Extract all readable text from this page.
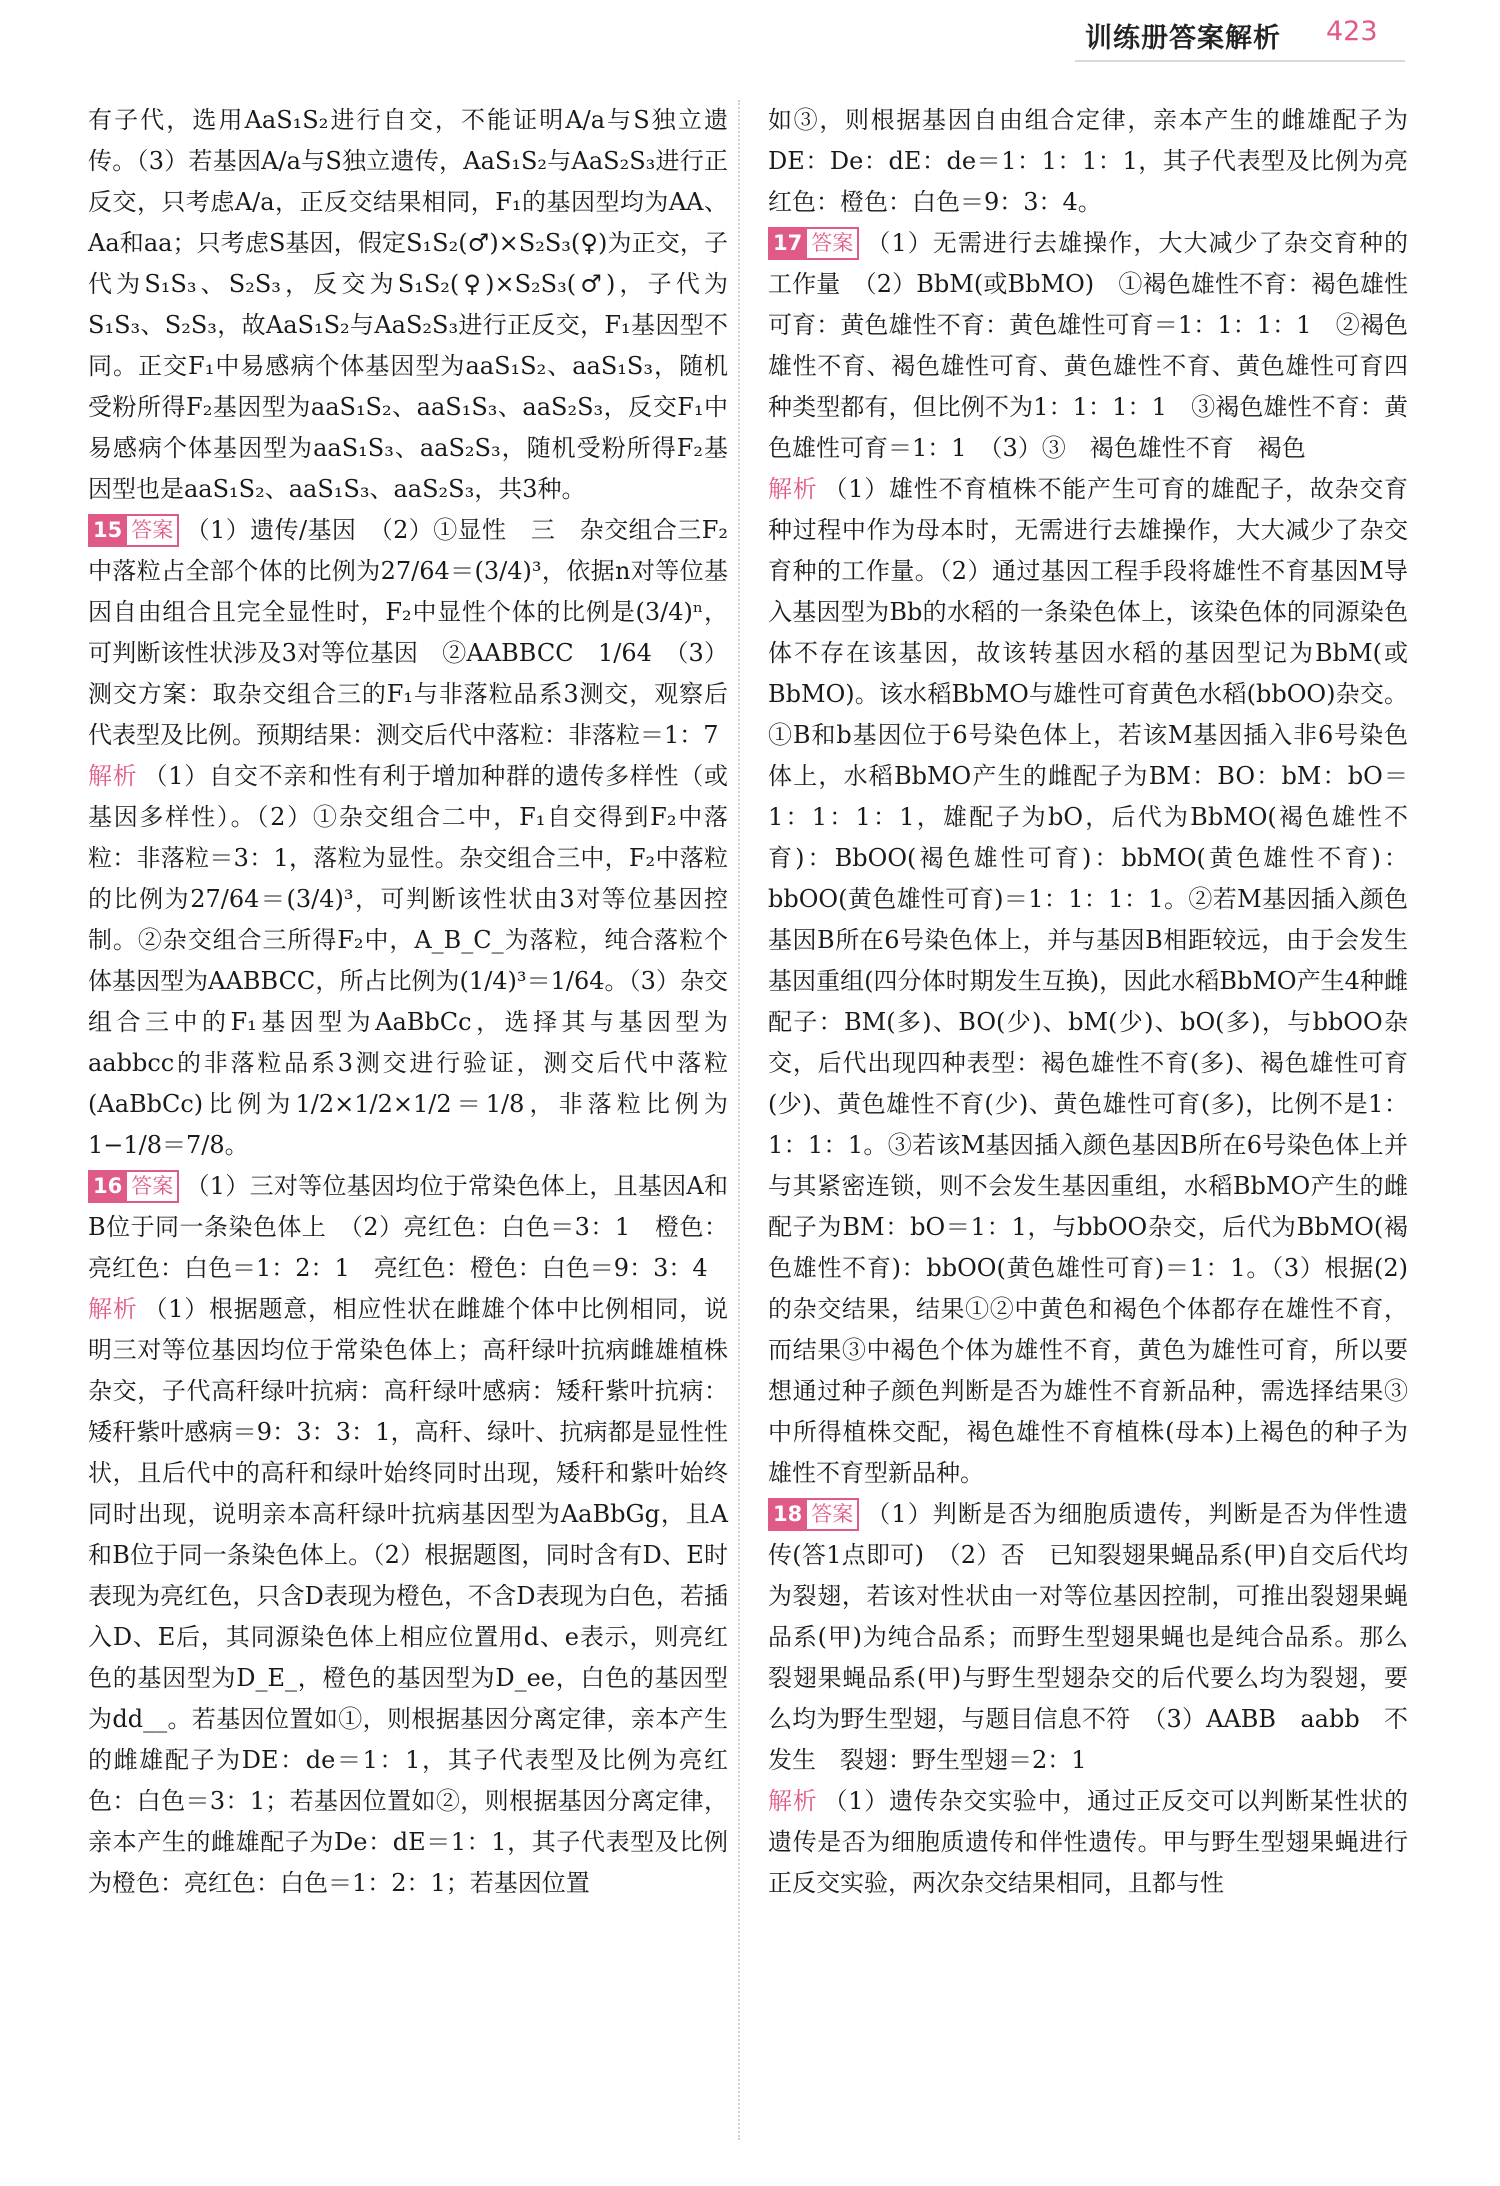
训练册答案解析 423

有子代，选用AaS₁S₂进行自交，不能证明A/a与S独立遗传。（3）若基因A/a与S独立遗传，AaS₁S₂与AaS₂S₃进行正反交，只考虑A/a，正反交结果相同，F₁的基因型均为AA、Aa和aa；只考虑S基因，假定S₁S₂(♂)×S₂S₃(♀)为正交，子代为S₁S₃、S₂S₃，反交为S₁S₂(♀)×S₂S₃(♂)，子代为S₁S₃、S₂S₃，故AaS₁S₂与AaS₂S₃进行正反交，F₁基因型不同。正交F₁中易感病个体基因型为aaS₁S₂、aaS₁S₃，随机受粉所得F₂基因型为aaS₁S₂、aaS₁S₃、aaS₂S₃，反交F₁中易感病个体基因型为aaS₁S₃、aaS₂S₃，随机受粉所得F₂基因型也是aaS₁S₂、aaS₁S₃、aaS₂S₃，共3种。

15 答案 （1）遗传/基因　（2）①显性　三　杂交组合三F₂中落粒占全部个体的比例为27/64＝(3/4)³，依据n对等位基因自由组合且完全显性时，F₂中显性个体的比例是(3/4)ⁿ，可判断该性状涉及3对等位基因　②AABBCC　1/64　（3）测交方案：取杂交组合三的F₁与非落粒品系3测交，观察后代表型及比例。预期结果：测交后代中落粒：非落粒＝1：7

解析 （1）自交不亲和性有利于增加种群的遗传多样性（或基因多样性）。（2）①杂交组合二中，F₁自交得到F₂中落粒：非落粒＝3：1，落粒为显性。杂交组合三中，F₂中落粒的比例为27/64＝(3/4)³，可判断该性状由3对等位基因控制。②杂交组合三所得F₂中，A_B_C_为落粒，纯合落粒个体基因型为AABBCC，所占比例为(1/4)³＝1/64。（3）杂交组合三中的F₁基因型为AaBbCc，选择其与基因型为aabbcc的非落粒品系3测交进行验证，测交后代中落粒(AaBbCc)比例为1/2×1/2×1/2＝1/8，非落粒比例为1−1/8＝7/8。

16 答案 （1）三对等位基因均位于常染色体上，且基因A和B位于同一条染色体上　（2）亮红色：白色＝3：1　橙色：亮红色：白色＝1：2：1　亮红色：橙色：白色＝9：3：4

解析 （1）根据题意，相应性状在雌雄个体中比例相同，说明三对等位基因均位于常染色体上；高秆绿叶抗病雌雄植株杂交，子代高秆绿叶抗病：高秆绿叶感病：矮秆紫叶抗病：矮秆紫叶感病＝9：3：3：1，高秆、绿叶、抗病都是显性性状，且后代中的高秆和绿叶始终同时出现，矮秆和紫叶始终同时出现，说明亲本高秆绿叶抗病基因型为AaBbGg，且A和B位于同一条染色体上。（2）根据题图，同时含有D、E时表现为亮红色，只含D表现为橙色，不含D表现为白色，若插入D、E后，其同源染色体上相应位置用d、e表示，则亮红色的基因型为D_E_，橙色的基因型为D_ee，白色的基因型为dd__。若基因位置如①，则根据基因分离定律，亲本产生的雌雄配子为DE：de＝1：1，其子代表型及比例为亮红色：白色＝3：1；若基因位置如②，则根据基因分离定律，亲本产生的雌雄配子为De：dE＝1：1，其子代表型及比例为橙色：亮红色：白色＝1：2：1；若基因位置

如③，则根据基因自由组合定律，亲本产生的雌雄配子为DE：De：dE：de＝1：1：1：1，其子代表型及比例为亮红色：橙色：白色＝9：3：4。

17 答案 （1）无需进行去雄操作，大大减少了杂交育种的工作量　（2）BbM(或BbMO)　①褐色雄性不育：褐色雄性可育：黄色雄性不育：黄色雄性可育＝1：1：1：1　②褐色雄性不育、褐色雄性可育、黄色雄性不育、黄色雄性可育四种类型都有，但比例不为1：1：1：1　③褐色雄性不育：黄色雄性可育＝1：1　（3）③　褐色雄性不育　褐色

解析 （1）雄性不育植株不能产生可育的雄配子，故杂交育种过程中作为母本时，无需进行去雄操作，大大减少了杂交育种的工作量。（2）通过基因工程手段将雄性不育基因M导入基因型为Bb的水稻的一条染色体上，该染色体的同源染色体不存在该基因，故该转基因水稻的基因型记为BbM(或BbMO)。该水稻BbMO与雄性可育黄色水稻(bbOO)杂交。①B和b基因位于6号染色体上，若该M基因插入非6号染色体上，水稻BbMO产生的雌配子为BM：BO：bM：bO＝1：1：1：1，雄配子为bO，后代为BbMO(褐色雄性不育)：BbOO(褐色雄性可育)：bbMO(黄色雄性不育)：bbOO(黄色雄性可育)＝1：1：1：1。②若M基因插入颜色基因B所在6号染色体上，并与基因B相距较远，由于会发生基因重组(四分体时期发生互换)，因此水稻BbMO产生4种雌配子：BM(多)、BO(少)、bM(少)、bO(多)，与bbOO杂交，后代出现四种表型：褐色雄性不育(多)、褐色雄性可育(少)、黄色雄性不育(少)、黄色雄性可育(多)，比例不是1：1：1：1。③若该M基因插入颜色基因B所在6号染色体上并与其紧密连锁，则不会发生基因重组，水稻BbMO产生的雌配子为BM：bO＝1：1，与bbOO杂交，后代为BbMO(褐色雄性不育)：bbOO(黄色雄性可育)＝1：1。（3）根据(2)的杂交结果，结果①②中黄色和褐色个体都存在雄性不育，而结果③中褐色个体为雄性不育，黄色为雄性可育，所以要想通过种子颜色判断是否为雄性不育新品种，需选择结果③中所得植株交配，褐色雄性不育植株(母本)上褐色的种子为雄性不育型新品种。

18 答案 （1）判断是否为细胞质遗传，判断是否为伴性遗传(答1点即可)　（2）否　已知裂翅果蝇品系(甲)自交后代均为裂翅，若该对性状由一对等位基因控制，可推出裂翅果蝇品系(甲)为纯合品系；而野生型翅果蝇也是纯合品系。那么裂翅果蝇品系(甲)与野生型翅杂交的后代要么均为裂翅，要么均为野生型翅，与题目信息不符　（3）AABB　aabb　不发生　裂翅：野生型翅＝2：1

解析 （1）遗传杂交实验中，通过正反交可以判断某性状的遗传是否为细胞质遗传和伴性遗传。甲与野生型翅果蝇进行正反交实验，两次杂交结果相同，且都与性
